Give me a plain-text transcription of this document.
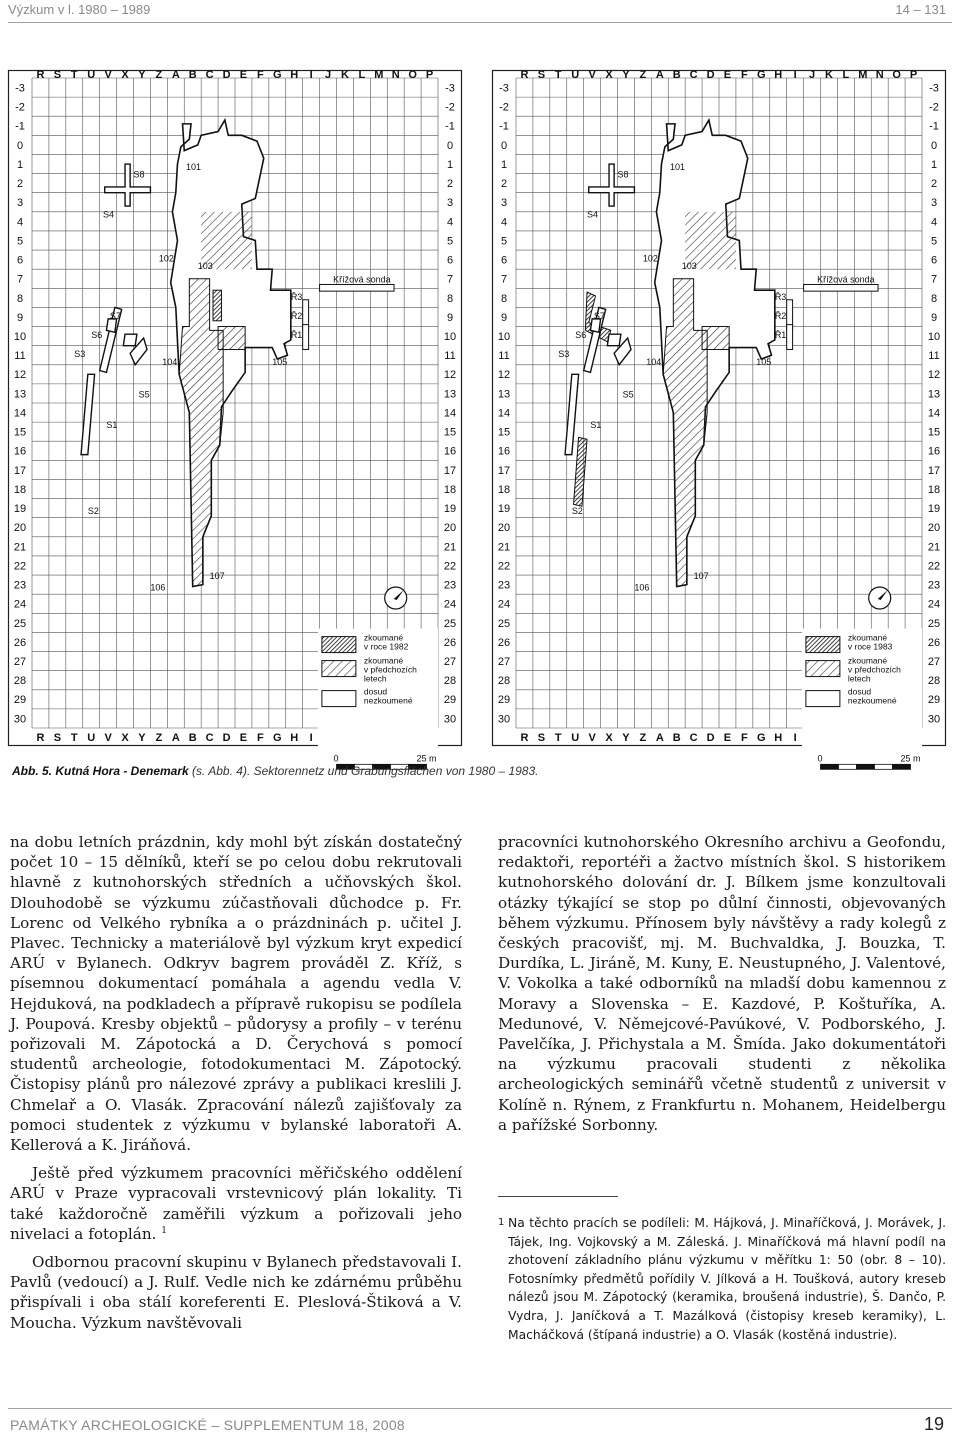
Výzkum v l. 1980 – 1989	14 – 131
R
R
S
S
T
T
U
U
V
V
X
X
Y
Y
Z
Z
A
A
B
B
C
C
D
D
E
E
F
F
G
G
H
H
I
I
J K L M N O P
-3	-3
-2	-2
-1	-1
0	0
1	1
2	2
3	3
4	4
5	5
6	6
7	7
8	8
9	9
10	10
11	11
12	12
13	13
14	14
15	15
16	16
17	17
18	18
19	19
20	20
21	21
22	22
23	23
24	24
25	25
26	26
27	27
28	28
29	29
30	30
S8
S4
S7
S6
S3
S5
S1
S2
101
102
103
104	105
106
107
Ř3
Ř2
Ř1
Křížová sonda
zkoumané
v roce 1982
zkoumané
v předchozích
letech
dosud
nezkoumené
0	25 m
R
R
S
S
T
T
U
U
V
V
X
X
Y
Y
Z
Z
A
A
B
B
C
C
D
D
E
E
F
F
G
G
H
H
I
I
J K L M N O P
-3	-3
-2	-2
-1	-1
0	0
1	1
2	2
3	3
4	4
5	5
6	6
7	7
8	8
9	9
10	10
11	11
12	12
13	13
14	14
15	15
16	16
17	17
18	18
19	19
20	20
21	21
22	22
23	23
24	24
25	25
26	26
27	27
28	28
29	29
30	30
S8
S4
S7
S6
S3
S5
S1
S2
101
102
103
104	105
106
107
Ř3
Ř2
Ř1
Křížová sonda
zkoumané
v roce 1983
zkoumané
v předchozích
letech
dosud
nezkoumené
0	25 m
Abb. 5. Kutná Hora - Denemark (s. Abb. 4). Sektorennetz und Grabungsflächen von 1980 – 1983.

na dobu letních prázdnin, kdy mohl být získán dostatečný počet 10 – 15 dělníků, kteří se po celou dobu rekrutovali hlavně z kutnohorských středních a učňovských škol. Dlouhodobě se výzkumu zúčastňovali důchodce p. Fr. Lorenc od Velkého rybníka a o prázdninách p. učitel J. Plavec. Technicky a materiálově byl výzkum kryt expedicí ARÚ v Bylanech. Odkryv bagrem prováděl Z. Kříž, s písemnou dokumentací pomáhala a agendu vedla V. Hejduková, na podkladech a přípravě rukopisu se podílela J. Poupová. Kresby objektů – půdorysy a profily – v terénu pořizovali M. Zápotocká a D. Čerychová s pomocí studentů archeologie, fotodokumentaci M. Zápotocký. Čistopisy plánů pro nálezové zprávy a publikaci kreslili J. Chmelař a O. Vlasák. Zpracování nálezů zajišťovaly za pomoci studentek z výzkumu v bylanské laboratoři A. Kellerová a K. Jiráňová.

Ještě před výzkumem pracovníci měřičského oddělení ARÚ v Praze vypracovali vrstevnicový plán lokality. Ti také každoročně zaměřili výzkum a pořizovali jeho nivelaci a fotoplán. $^1$

Odbornou pracovní skupinu v Bylanech představovali I. Pavlů (vedoucí) a J. Rulf. Vedle nich ke zdárnému průběhu přispívali i oba stálí koreferenti E. Pleslová-Štiková a V. Moucha. Výzkum navštěvovali

pracovníci kutnohorského Okresního archivu a Geofondu, redaktoři, reportéři a žactvo místních škol. S historikem kutnohorského dolování dr. J. Bílkem jsme konzultovali otázky týkající se stop po důlní činnosti, objevovaných během výzkumu. Přínosem byly návštěvy a rady kolegů z českých pracovišť, mj. M. Buchvaldka, J. Bouzka, T. Durdíka, L. Jiráně, M. Kuny, E. Neustupného, J. Valentové, V. Vokolka a také odborníků na mladší dobu kamennou z Moravy a Slovenska – E. Kazdové, P. Koštuříka, A. Medunové, V. Němejcové-Pavúkové, V. Podborského, J. Pavelčíka, J. Přichystala a M. Šmída. Jako dokumentátoři na výzkumu pracovali studenti z několika archeologických seminářů včetně studentů z universit v Kolíně n. Rýnem, z Frankfurtu n. Mohanem, Heidelbergu a pařížské Sorbonny.

1 Na těchto pracích se podíleli: M. Hájková, J. Minaříčková, J. Morávek, J. Tájek, Ing. Vojkovský a M. Záleská. J. Minaříčková má hlavní podíl na zhotovení základního plánu výzkumu v měřítku 1: 50 (obr. 8 – 10). Fotosnímky předmětů pořídily V. Jílková a H. Toušková, autory kreseb nálezů jsou M. Zápotocký (keramika, broušená industrie), Š. Dančo, P. Vydra, J. Janíčková a T. Mazálková (čistopisy kreseb keramiky), L. Macháčková (štípaná industrie) a O. Vlasák (kostěná industrie).
PAMÁTKY ARCHEOLOGICKÉ – SUPPLEMENTUM 18, 2008	19
